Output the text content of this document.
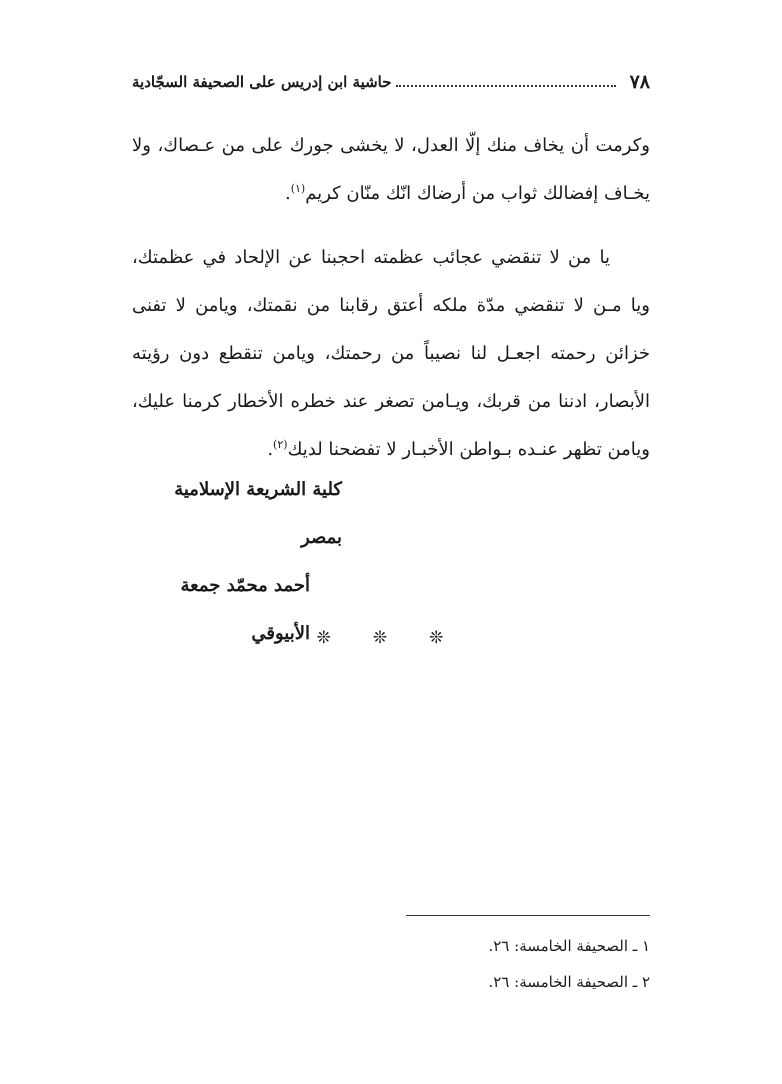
٧٨
حاشية ابن إدريس على الصحيفة السجّادية

وكرمت أن يخاف منك إلّا العدل، لا يخشى جورك على من عـصاك، ولا يخـاف إفضالك ثواب من أرضاك انّك منّان كريم$^{(١)}$.

يا من لا تنقضي عجائب عظمته احجبنا عن الإلحاد في عظمتك، ويا مـن لا تنقضي مدّة ملكه أعتق رقابنا من نقمتك، ويامن لا تفنى خزائن رحمته اجعـل لنا نصيباً من رحمتك، ويامن تنقطع دون رؤيته الأبصار، ادننا من قربك، ويـامن تصغر عند خطره الأخطار كرمنا عليك، ويامن تظهر عنـده بـواطن الأخبـار لا تفضحنا لديك$^{(٢)}$.

كلية الشريعة الإسلامية بمصر
أحمد محمّد جمعة الأبيوقي ❊ ❊ ❊
١ ـ الصحيفة الخامسة: ٢٦.
٢ ـ الصحيفة الخامسة: ٢٦.
